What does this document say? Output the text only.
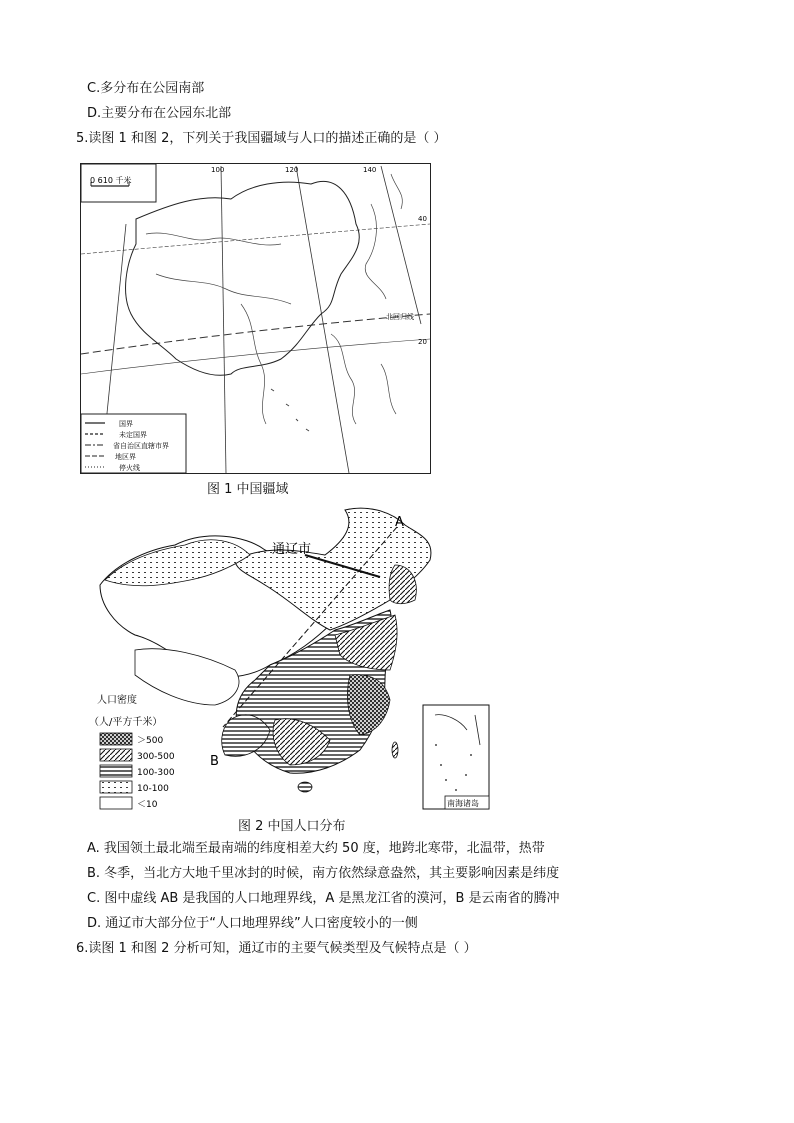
C.多分布在公园南部
D.主要分布在公园东北部
5.读图 1 和图 2，下列关于我国疆域与人口的描述正确的是（ ）
0 610 千米
100	120	140
40
20
北回归线
国界
未定国界
省自治区直辖市界
地区界
停火线
图 1 中国疆域
A
B
通辽市
人口密度
（人/平方千米）
＞500
300-500
100-300
10-100
＜10	南海诸岛
图 2 中国人口分布
A. 我国领土最北端至最南端的纬度相差大约 50 度，地跨北寒带，北温带，热带
B. 冬季，当北方大地千里冰封的时候，南方依然绿意盎然，其主要影响因素是纬度
C. 图中虚线 AB 是我国的人口地理界线，A 是黑龙江省的漠河，B 是云南省的腾冲
D. 通辽市大部分位于“人口地理界线”人口密度较小的一侧
6.读图 1 和图 2 分析可知，通辽市的主要气候类型及气候特点是（ ）
